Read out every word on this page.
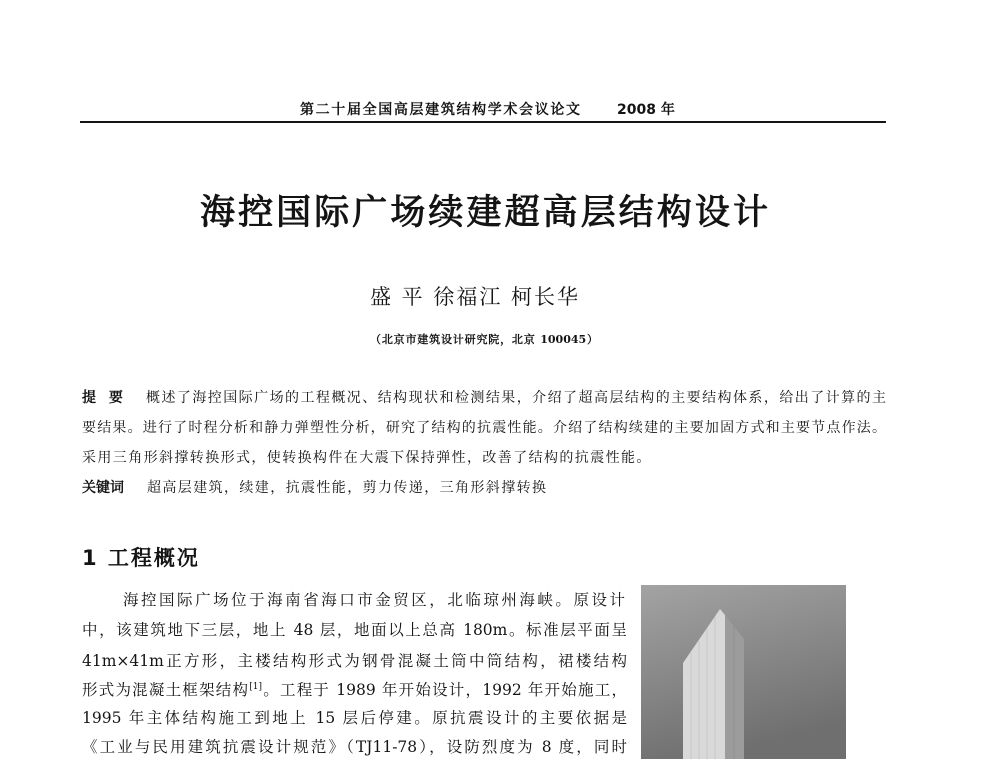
第二十届全国高层建筑结构学术会议论文	2008 年
海控国际广场续建超高层结构设计
盛 平 徐福江 柯长华
（北京市建筑设计研究院，北京 100045）
提 要 概述了海控国际广场的工程概况、结构现状和检测结果，介绍了超高层结构的主要结构体系，给出了计算的主
要结果。进行了时程分析和静力弹塑性分析，研究了结构的抗震性能。介绍了结构续建的主要加固方式和主要节点作法。
采用三角形斜撑转换形式，使转换构件在大震下保持弹性，改善了结构的抗震性能。
关键词 超高层建筑，续建，抗震性能，剪力传递，三角形斜撑转换
1 工程概况
海控国际广场位于海南省海口市金贸区，北临琼州海峡。原设计
中，该建筑地下三层，地上 48 层，地面以上总高 180m。标准层平面呈
41m×41m正方形，主楼结构形式为钢骨混凝土筒中筒结构，裙楼结构
形式为混凝土框架结构[1]。工程于 1989 年开始设计，1992 年开始施工，
1995 年主体结构施工到地上 15 层后停建。原抗震设计的主要依据是
《工业与民用建筑抗震设计规范》（TJ11-78），设防烈度为 8 度，同时
